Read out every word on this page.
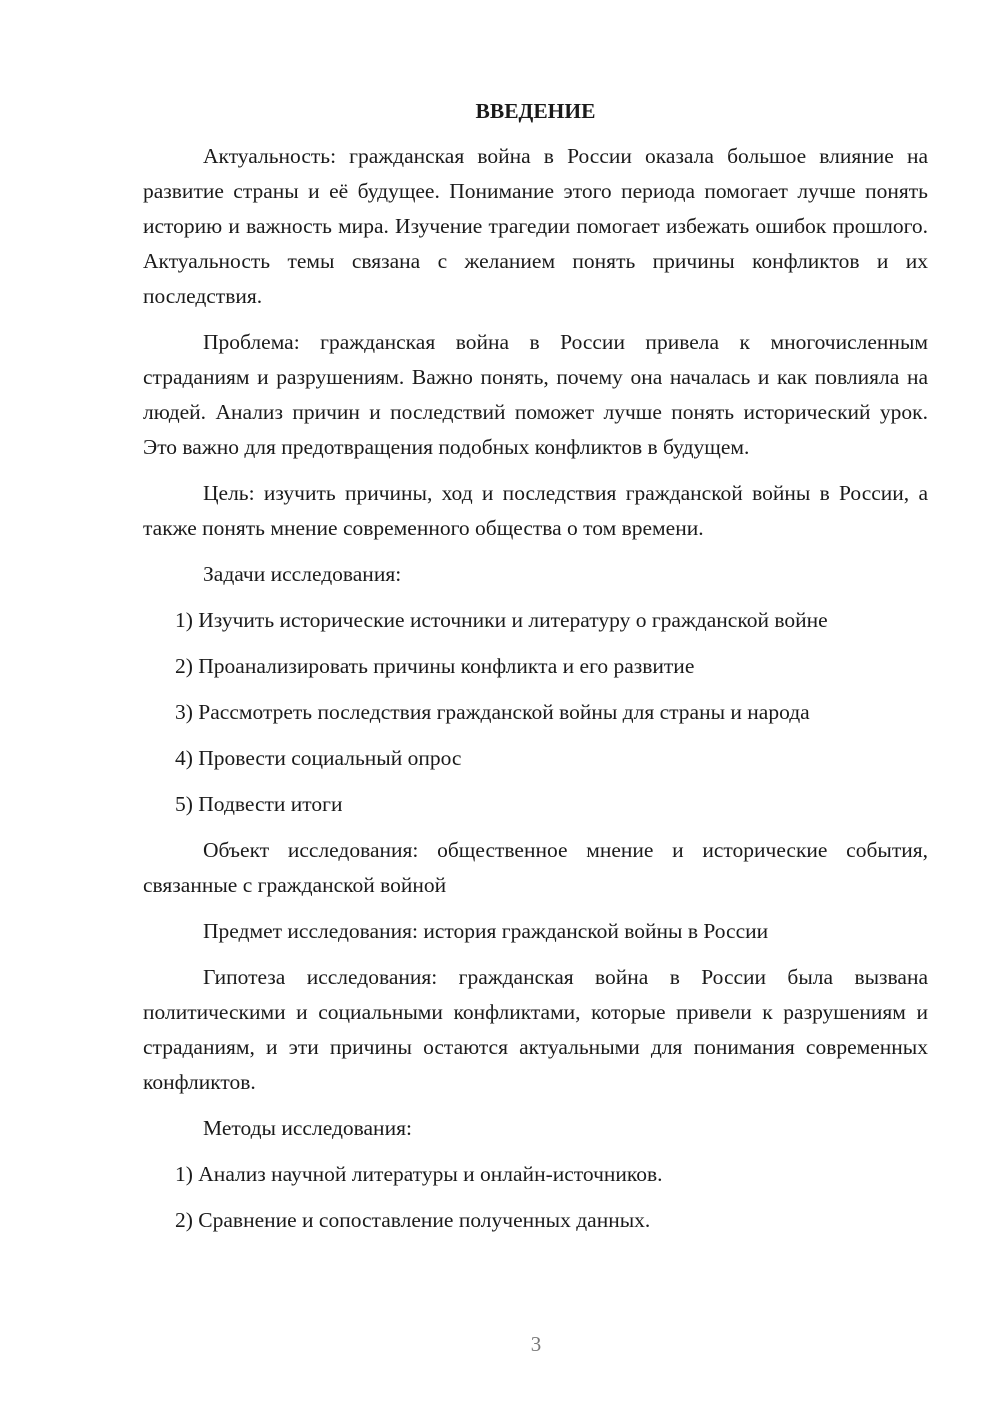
ВВЕДЕНИЕ

Актуальность: гражданская война в России оказала большое влияние на развитие страны и её будущее. Понимание этого периода помогает лучше понять историю и важность мира. Изучение трагедии помогает избежать ошибок прошлого. Актуальность темы связана с желанием понять причины конфликтов и их последствия.

Проблема: гражданская война в России привела к многочисленным страданиям и разрушениям. Важно понять, почему она началась и как повлияла на людей. Анализ причин и последствий поможет лучше понять исторический урок. Это важно для предотвращения подобных конфликтов в будущем.

Цель: изучить причины, ход и последствия гражданской войны в России, а также понять мнение современного общества о том времени.

Задачи исследования:

1) Изучить исторические источники и литературу о гражданской войне

2) Проанализировать причины конфликта и его развитие

3) Рассмотреть последствия гражданской войны для страны и народа

4) Провести социальный опрос

5) Подвести итоги

Объект исследования: общественное мнение и исторические события, связанные с гражданской войной

Предмет исследования: история гражданской войны в России

Гипотеза исследования: гражданская война в России была вызвана политическими и социальными конфликтами, которые привели к разрушениям и страданиям, и эти причины остаются актуальными для понимания современных конфликтов.

Методы исследования:

1) Анализ научной литературы и онлайн-источников.

2) Сравнение и сопоставление полученных данных.

3
